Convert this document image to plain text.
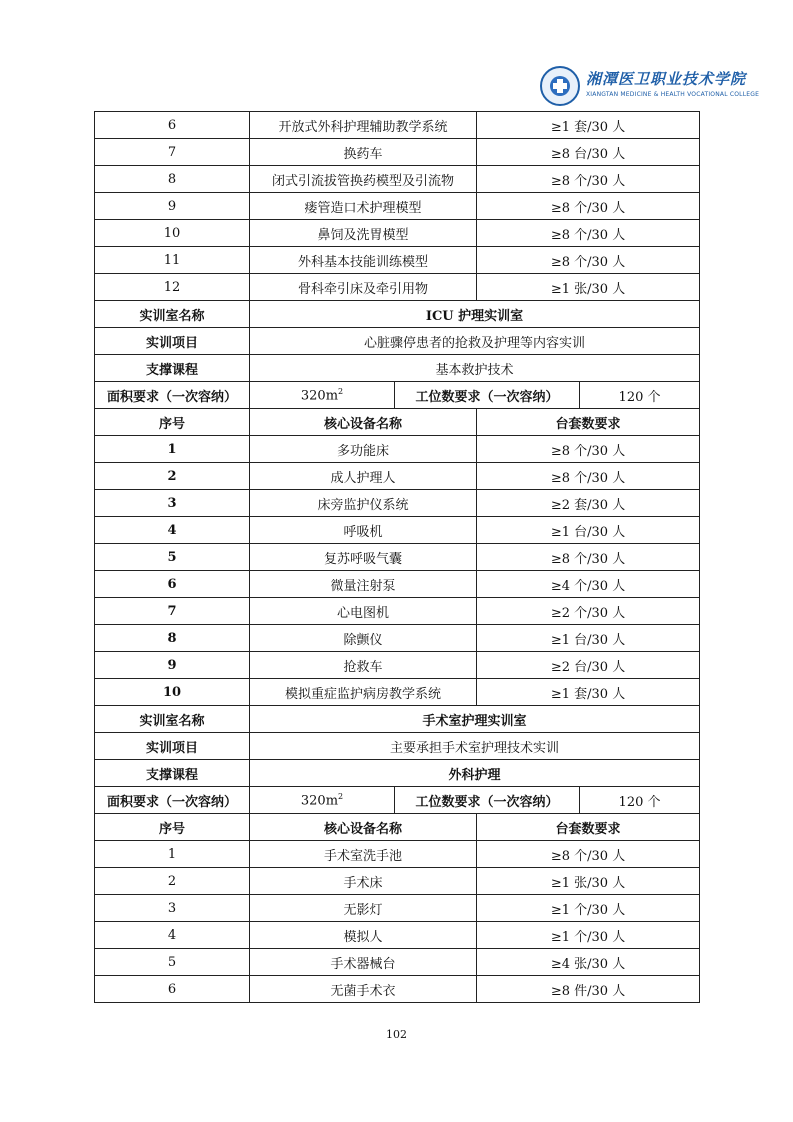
湘潭医卫职业技术学院
XIANGTAN MEDICINE & HEALTH VOCATIONAL COLLEGE
6	开放式外科护理辅助教学系统		≥1 套/30 人	
7	换药车		≥8 台/30 人	
8	闭式引流拔管换药模型及引流物		≥8 个/30 人	
9	瘘管造口术护理模型		≥8 个/30 人	
10	鼻饲及洗胃模型		≥8 个/30 人	
11	外科基本技能训练模型		≥8 个/30 人	
12	骨科牵引床及牵引用物		≥1 张/30 人	
实训室名称	ICU 护理实训室			
实训项目	心脏骤停患者的抢救及护理等内容实训			
支撑课程	基本救护技术			
面积要求（一次容纳）	$320m^2$	工位数要求（一次容纳）		120 个
序号	核心设备名称		台套数要求	
1	多功能床		≥8 个/30 人	
2	成人护理人		≥8 个/30 人	
3	床旁监护仪系统		≥2 套/30 人	
4	呼吸机		≥1 台/30 人	
5	复苏呼吸气囊		≥8 个/30 人	
6	微量注射泵		≥4 个/30 人	
7	心电图机		≥2 个/30 人	
8	除颤仪		≥1 台/30 人	
9	抢救车		≥2 台/30 人	
10	模拟重症监护病房教学系统		≥1 套/30 人	
实训室名称	手术室护理实训室			
实训项目	主要承担手术室护理技术实训			
支撑课程	外科护理			
面积要求（一次容纳）	$320m^2$	工位数要求（一次容纳）		120 个
序号	核心设备名称		台套数要求	
1	手术室洗手池		≥8 个/30 人	
2	手术床		≥1 张/30 人	
3	无影灯		≥1 个/30 人	
4	模拟人		≥1 个/30 人	
5	手术器械台		≥4 张/30 人	
6	无菌手术衣		≥8 件/30 人	
102
